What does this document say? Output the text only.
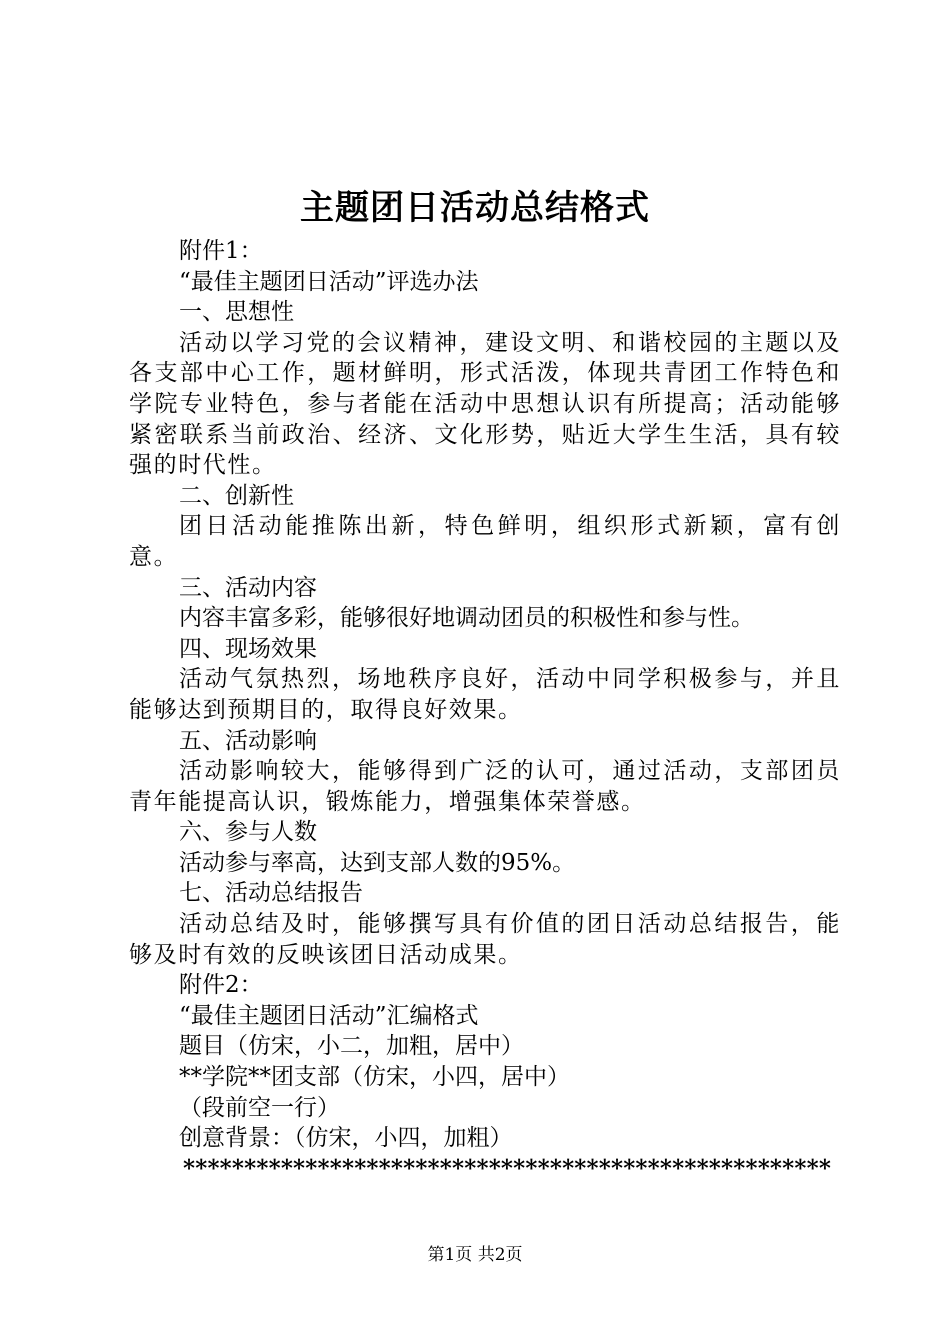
主题团日活动总结格式
附件1：
“最佳主题团日活动”评选办法
一、思想性
活动以学习党的会议精神，建设文明、和谐校园的主题以及各支部中心工作，题材鲜明，形式活泼，体现共青团工作特色和学院专业特色，参与者能在活动中思想认识有所提高；活动能够紧密联系当前政治、经济、文化形势，贴近大学生生活，具有较强的时代性。
二、创新性
团日活动能推陈出新，特色鲜明，组织形式新颖，富有创意。
三、活动内容
内容丰富多彩，能够很好地调动团员的积极性和参与性。
四、现场效果
活动气氛热烈，场地秩序良好，活动中同学积极参与，并且能够达到预期目的，取得良好效果。
五、活动影响
活动影响较大，能够得到广泛的认可，通过活动，支部团员青年能提高认识，锻炼能力，增强集体荣誉感。
六、参与人数
活动参与率高，达到支部人数的95%。
七、活动总结报告
活动总结及时，能够撰写具有价值的团日活动总结报告，能够及时有效的反映该团日活动成果。
附件2：
“最佳主题团日活动”汇编格式
题目（仿宋，小二，加粗，居中）
**学院**团支部（仿宋，小四，居中）
（段前空一行）
创意背景：（仿宋，小四，加粗）
*****************************************************
第1页 共2页
